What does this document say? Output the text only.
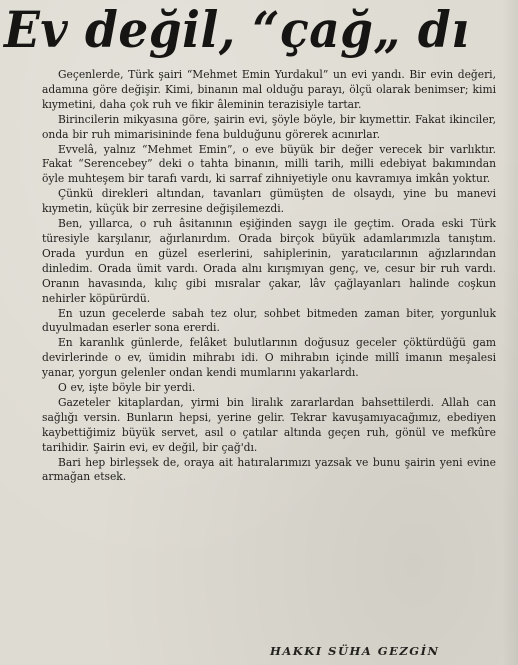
Ev değil, “çağ„ dı

Geçenlerde, Türk şairi “Mehmet Emin Yurdakul” un evi yandı. Bir evin değeri, adamına göre değişir. Kimi, binanın mal olduğu parayı, ölçü olarak benimser; kimi kıymetini, daha çok ruh ve fikir âleminin terazisiyle tartar.

Birincilerin mikyasına göre, şairin evi, şöyle böyle, bir kıymettir. Fakat ikinciler, onda bir ruh mimarisininde fena bulduğunu görerek acınırlar.

Evvelâ, yalnız “Mehmet Emin”, o eve büyük bir değer verecek bir varlıktır. Fakat “Serencebey” deki o tahta binanın, milli tarih, milli edebiyat bakımından öyle muhteşem bir tarafı vardı, ki sarraf zihniyetiyle onu kavramıya imkân yoktur.

Çünkü direkleri altından, tavanları gümüşten de olsaydı, yine bu manevi kıymetin, küçük bir zerresine değişilemezdi.

Ben, yıllarca, o ruh âsitanının eşiğinden saygı ile geçtim. Orada eski Türk türesiyle karşılanır, ağırlanırdım. Orada birçok büyük adamlarımızla tanıştım. Orada yurdun en güzel eserlerini, sahiplerinin, yaratıcılarının ağızlarından dinledim. Orada ümit vardı. Orada alnı kırışmıyan genç, ve, cesur bir ruh vardı. Oranın havasında, kılıç gibi mısralar çakar, lâv çağlayanları halinde coşkun nehirler köpürürdü.

En uzun gecelerde sabah tez olur, sohbet bitmeden zaman biter, yorgunluk duyulmadan eserler sona ererdi.

En karanlık günlerde, felâket bulutlarının doğusuz geceler çöktürdüğü gam devirlerinde o ev, ümidin mihrabı idi. O mihrabın içinde millî imanın meşalesi yanar, yorgun gelenler ondan kendi mumlarını yakarlardı.

O ev, işte böyle bir yerdi.

Gazeteler kitaplardan, yirmi bin liralık zararlardan bahsettilerdi. Allah can sağlığı versin. Bunların hepsi, yerine gelir. Tekrar kavuşamıyacağımız, ebediyen kaybettiğimiz büyük servet, asıl o çatılar altında geçen ruh, gönül ve mefkûre tarihidir. Şairin evi, ev değil, bir çağ'dı.

Bari hep birleşsek de, oraya ait hatıralarımızı yazsak ve bunu şairin yeni evine armağan etsek.

HAKKI SÜHA GEZGİN
